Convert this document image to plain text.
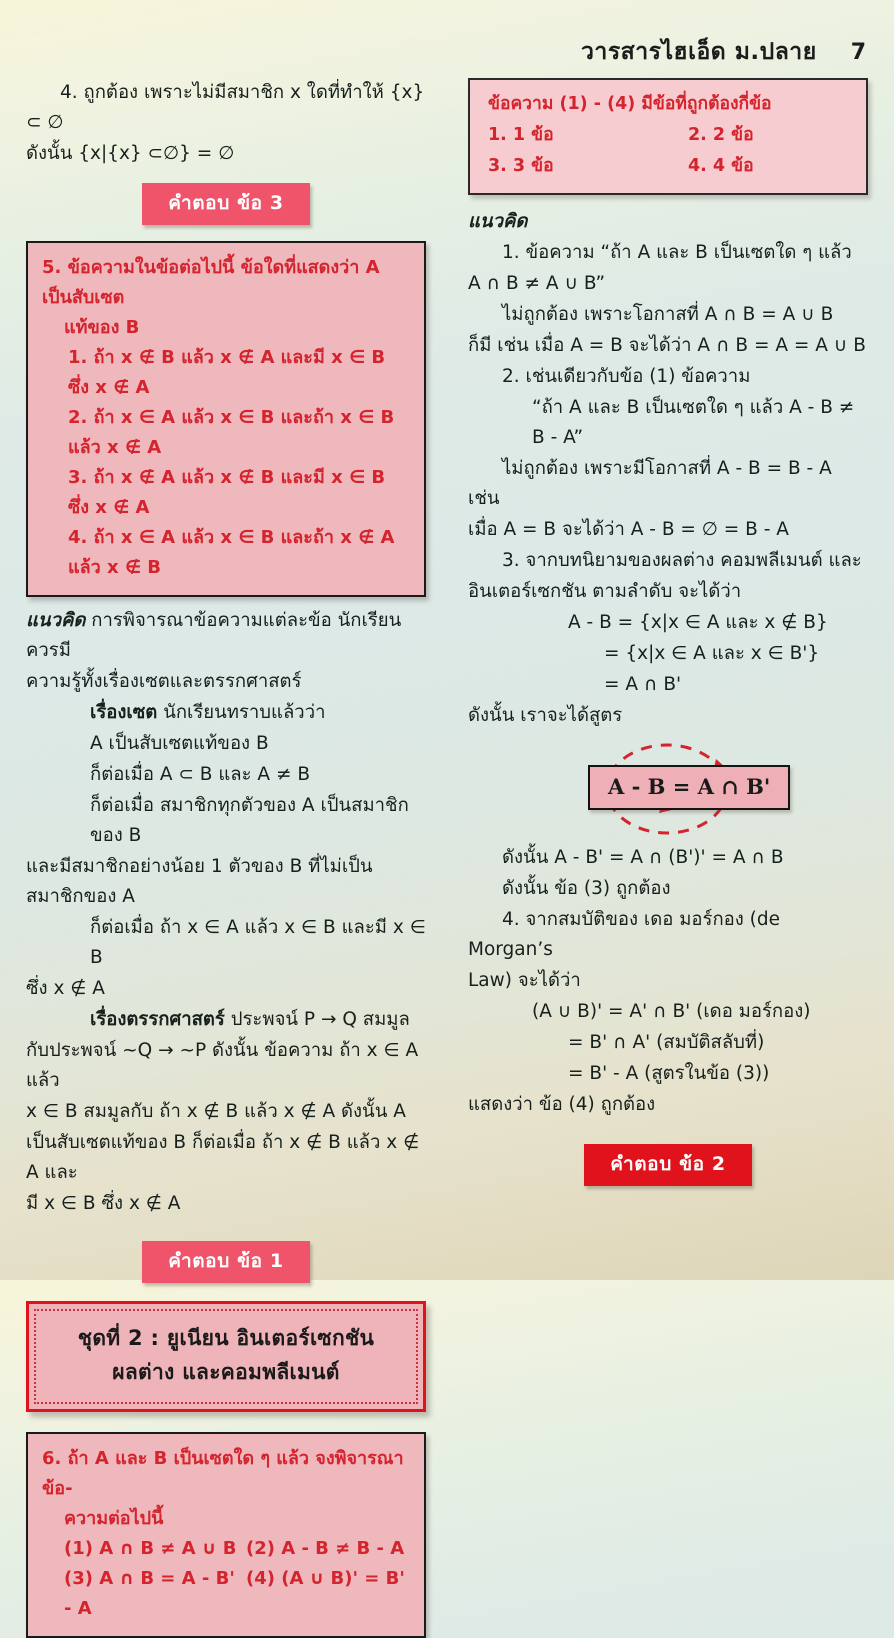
วารสารไฮเอ็ด ม.ปลาย 7

4. ถูกต้อง เพราะไม่มีสมาชิก x ใดที่ทำให้ {x} ⊂ ∅

ดังนั้น {x|{x} ⊂∅} = ∅

คำตอบ ข้อ 3

5. ข้อความในข้อต่อไปนี้ ข้อใดที่แสดงว่า A เป็นสับเซต

แท้ของ B

1. ถ้า x ∉ B แล้ว x ∉ A และมี x ∈ B ซึ่ง x ∉ A

2. ถ้า x ∈ A แล้ว x ∈ B และถ้า x ∈ B แล้ว x ∉ A

3. ถ้า x ∉ A แล้ว x ∉ B และมี x ∈ B ซึ่ง x ∉ A

4. ถ้า x ∈ A แล้ว x ∈ B และถ้า x ∉ A แล้ว x ∉ B

แนวคิด การพิจารณาข้อความแต่ละข้อ นักเรียนควรมี

ความรู้ทั้งเรื่องเซตและตรรกศาสตร์

เรื่องเซต นักเรียนทราบแล้วว่า

A เป็นสับเซตแท้ของ B

ก็ต่อเมื่อ A ⊂ B และ A ≠ B

ก็ต่อเมื่อ สมาชิกทุกตัวของ A เป็นสมาชิกของ B

และมีสมาชิกอย่างน้อย 1 ตัวของ B ที่ไม่เป็นสมาชิกของ A

ก็ต่อเมื่อ ถ้า x ∈ A แล้ว x ∈ B และมี x ∈ B

ซึ่ง x ∉ A

เรื่องตรรกศาสตร์ ประพจน์ P → Q สมมูล

กับประพจน์ ~Q → ~P ดังนั้น ข้อความ ถ้า x ∈ A แล้ว

x ∈ B สมมูลกับ ถ้า x ∉ B แล้ว x ∉ A ดังนั้น A

เป็นสับเซตแท้ของ B ก็ต่อเมื่อ ถ้า x ∉ B แล้ว x ∉ A และ

มี x ∈ B ซึ่ง x ∉ A

คำตอบ ข้อ 1

ชุดที่ 2 : ยูเนียน อินเตอร์เซกชัน

ผลต่าง และคอมพลีเมนต์

6. ถ้า A และ B เป็นเซตใด ๆ แล้ว จงพิจารณาข้อ-

ความต่อไปนี้

(1) A ∩ B ≠ A ∪ B (2) A - B ≠ B - A

(3) A ∩ B = A - B' (4) (A ∪ B)' = B' - A

ข้อความ (1) - (4) มีข้อที่ถูกต้องกี่ข้อ

1. 1 ข้อ	2. 2 ข้อ

3. 3 ข้อ	4. 4 ข้อ

แนวคิด

1. ข้อความ “ถ้า A และ B เป็นเซตใด ๆ แล้ว

A ∩ B ≠ A ∪ B”

ไม่ถูกต้อง เพราะโอกาสที่ A ∩ B = A ∪ B

ก็มี เช่น เมื่อ A = B จะได้ว่า A ∩ B = A = A ∪ B

2. เช่นเดียวกับข้อ (1) ข้อความ

“ถ้า A และ B เป็นเซตใด ๆ แล้ว A - B ≠ B - A”

ไม่ถูกต้อง เพราะมีโอกาสที่ A - B = B - A เช่น

เมื่อ A = B จะได้ว่า A - B = ∅ = B - A

3. จากบทนิยามของผลต่าง คอมพลีเมนต์ และ

อินเตอร์เซกชัน ตามลำดับ จะได้ว่า

A - B = {x|x ∈ A และ x ∉ B}

= {x|x ∈ A และ x ∈ B'}

= A ∩ B'

ดังนั้น เราจะได้สูตร

A - B = A ∩ B'

ดังนั้น A - B' = A ∩ (B')' = A ∩ B

ดังนั้น ข้อ (3) ถูกต้อง

4. จากสมบัติของ เดอ มอร์กอง (de Morgan’s

Law) จะได้ว่า

(A ∪ B)' = A' ∩ B' (เดอ มอร์กอง)

= B' ∩ A' (สมบัติสลับที่)

= B' - A (สูตรในข้อ (3))

แสดงว่า ข้อ (4) ถูกต้อง

คำตอบ ข้อ 2
